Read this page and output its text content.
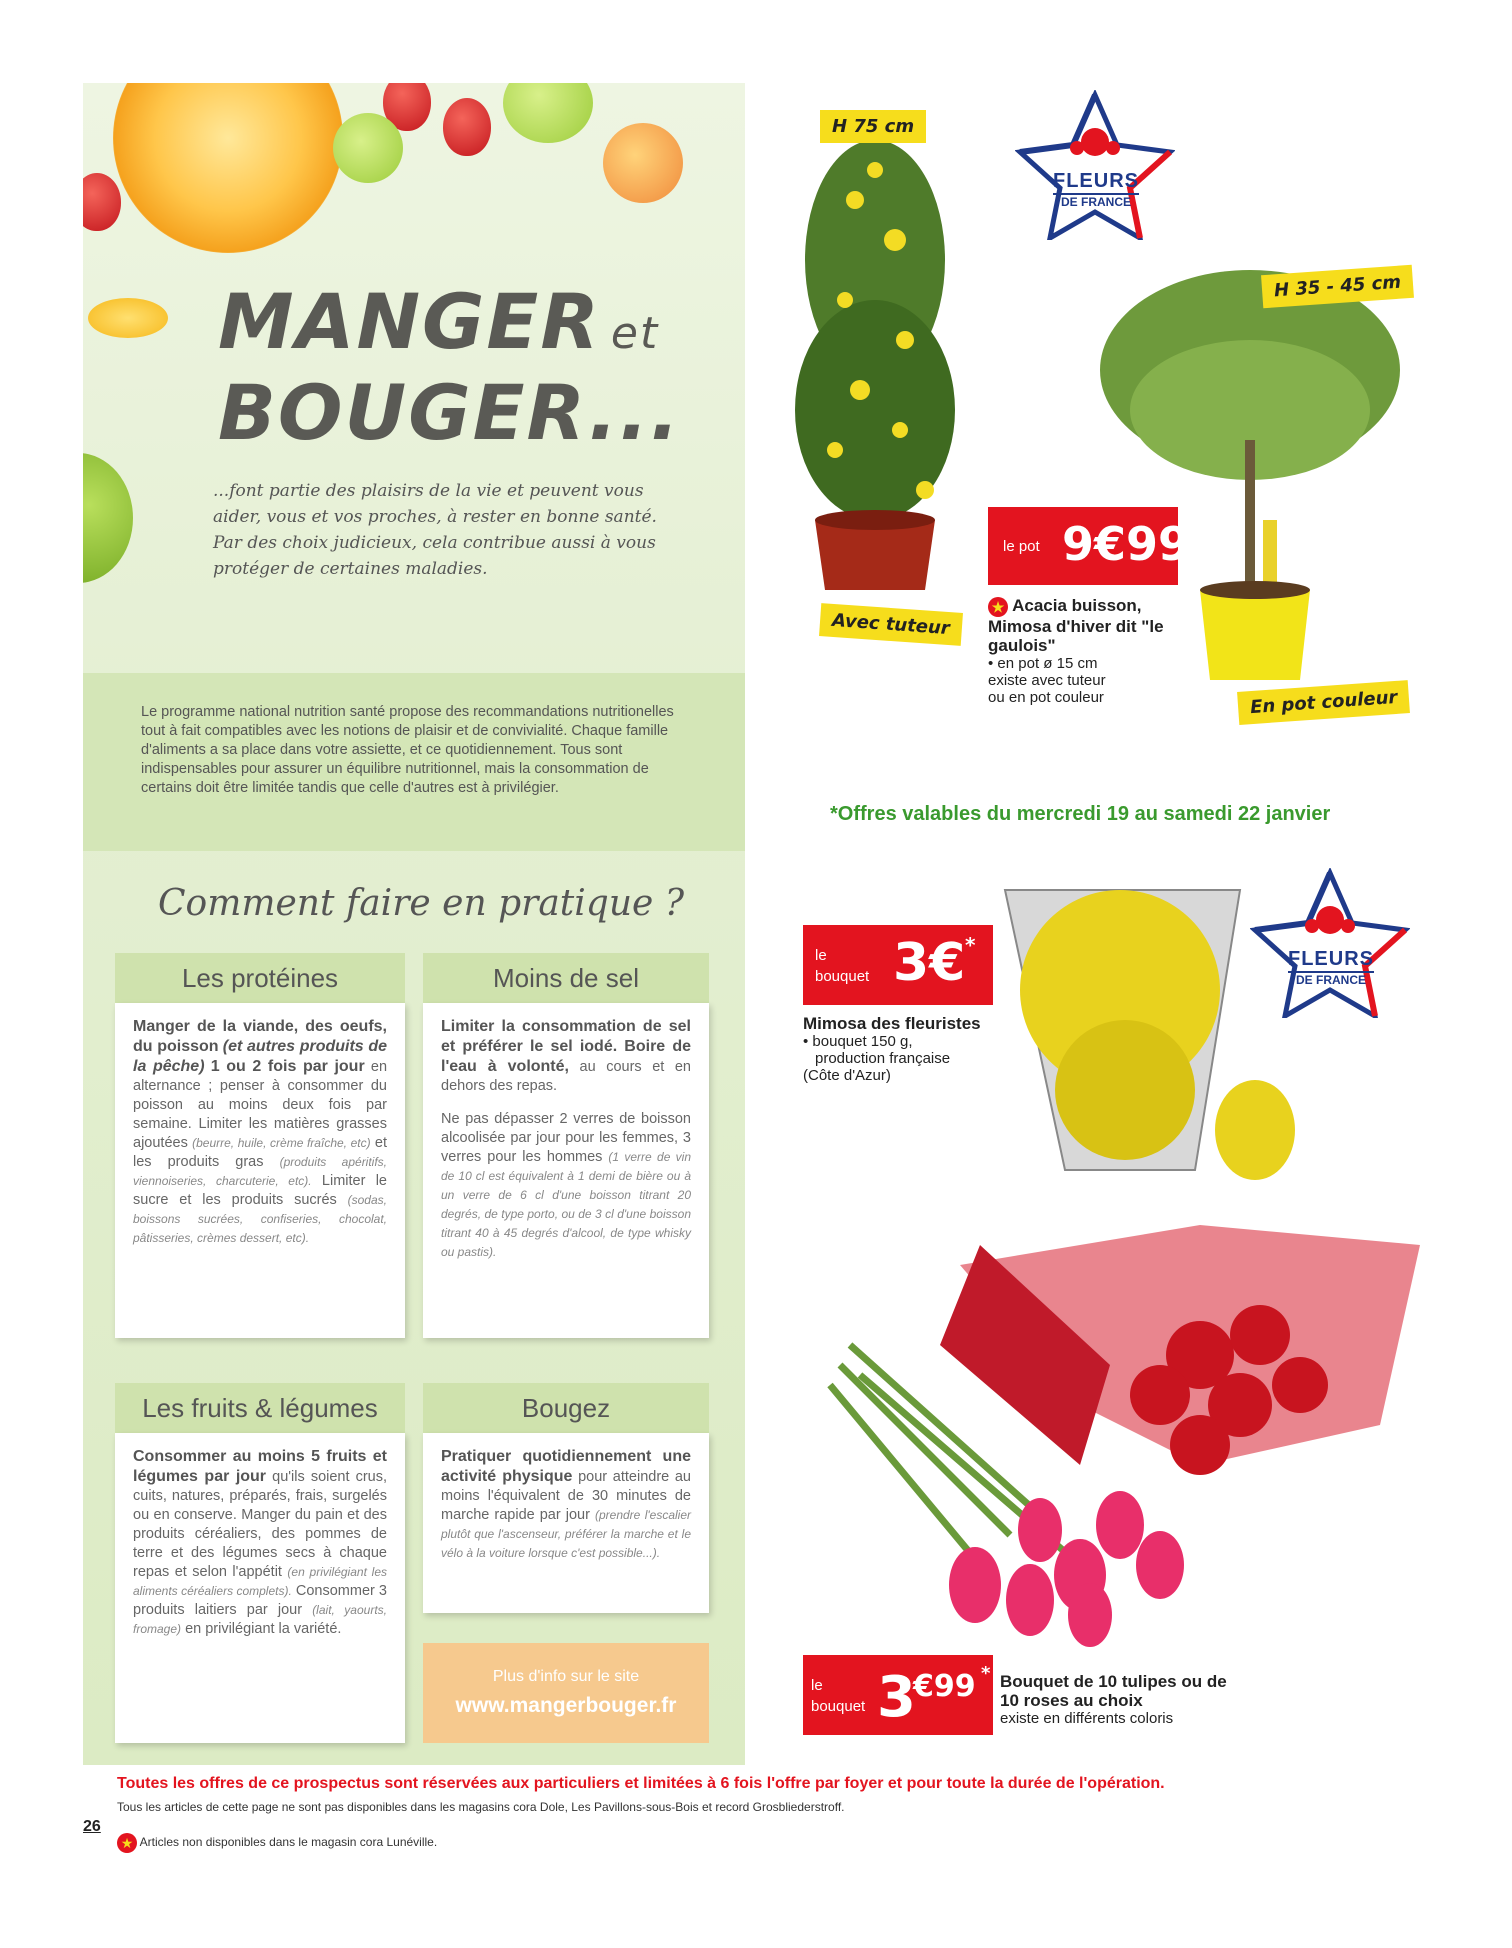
MANGER et
BOUGER...
...font partie des plaisirs de la vie et peuvent vous aider, vous et vos proches, à rester en bonne santé. Par des choix judicieux, cela contribue aussi à vous protéger de certaines maladies.
Le programme national nutrition santé propose des recommandations nutritionelles tout à fait compatibles avec les notions de plaisir et de convivialité. Chaque famille d'aliments a sa place dans votre assiette, et ce quotidiennement. Tous sont indispensables pour assurer un équilibre nutritionnel, mais la consommation de certains doit être limitée tandis que celle d'autres est à privilégier.
Comment faire en pratique ?
Les protéines
Manger de la viande, des oeufs, du poisson (et autres produits de la pêche) 1 ou 2 fois par jour en alternance ; penser à consommer du poisson au moins deux fois par semaine. Limiter les matières grasses ajoutées (beurre, huile, crème fraîche, etc) et les produits gras (produits apéritifs, viennoiseries, charcuterie, etc). Limiter le sucre et les produits sucrés (sodas, boissons sucrées, confiseries, chocolat, pâtisseries, crèmes dessert, etc).
Moins de sel

Limiter la consommation de sel et préférer le sel iodé. Boire de l'eau à volonté, au cours et en dehors des repas.

Ne pas dépasser 2 verres de boisson alcoolisée par jour pour les femmes, 3 verres pour les hommes (1 verre de vin de 10 cl est équivalent à 1 demi de bière ou à un verre de 6 cl d'une boisson titrant 20 degrés, de type porto, ou de 3 cl d'une boisson titrant 40 à 45 degrés d'alcool, de type whisky ou pastis).

Les fruits & légumes
Consommer au moins 5 fruits et légumes par jour qu'ils soient crus, cuits, natures, préparés, frais, surgelés ou en conserve. Manger du pain et des produits céréaliers, des pommes de terre et des légumes secs à chaque repas et selon l'appétit (en privilégiant les aliments céréaliers complets). Consommer 3 produits laitiers par jour (lait, yaourts, fromage) en privilégiant la variété.
Bougez
Pratiquer quotidiennement une activité physique pour atteindre au moins l'équivalent de 30 minutes de marche rapide par jour (prendre l'escalier plutôt que l'ascenseur, préférer la marche et le vélo à la voiture lorsque c'est possible...).
Plus d'info sur le site
www.mangerbouger.fr
H 75 cm
Avec tuteur
H 35 - 45 cm
En pot couleur
le pot 9€99
★ Acacia buisson, Mimosa d'hiver dit "le gaulois"
• en pot ø 15 cm
existe avec tuteur
ou en pot couleur
FLEURS
DE FRANCE
*Offres valables du mercredi 19 au samedi 22 janvier
le
bouquet 3€ *
Mimosa des fleuristes
• bouquet 150 g,
production française
(Côte d'Azur)
FLEURS
DE FRANCE
le
bouquet 3
€99 * Bouquet de 10 tulipes ou de 10 roses au choix
existe en différents coloris
Toutes les offres de ce prospectus sont réservées aux particuliers et limitées à 6 fois l'offre par foyer et pour toute la durée de l'opération.
Tous les articles de cette page ne sont pas disponibles dans les magasins cora Dole, Les Pavillons-sous-Bois et record Grosbliederstroff.
26
★ Articles non disponibles dans le magasin cora Lunéville.
